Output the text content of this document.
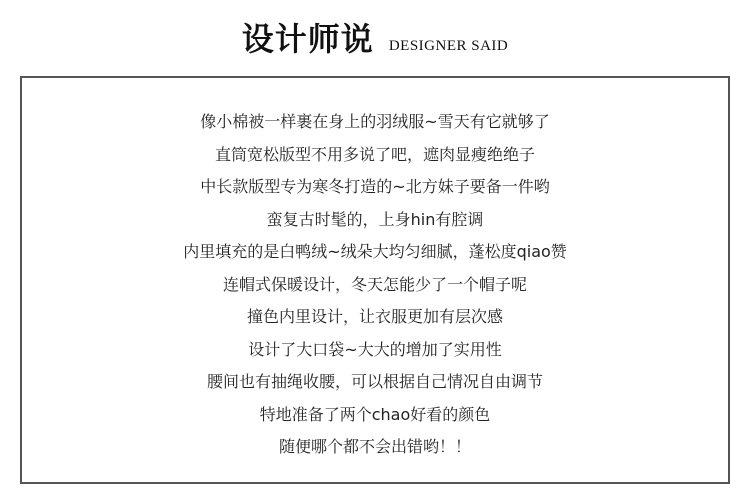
设计师说 DESIGNER SAID
像小棉被一样裹在身上的羽绒服~雪天有它就够了
直筒宽松版型不用多说了吧，遮肉显瘦绝绝子
中长款版型专为寒冬打造的~北方妹子要备一件哟
蛮复古时髦的，上身hin有腔调
内里填充的是白鸭绒~绒朵大均匀细腻，蓬松度qiao赞
连帽式保暖设计，冬天怎能少了一个帽子呢
撞色内里设计，让衣服更加有层次感
设计了大口袋~大大的增加了实用性
腰间也有抽绳收腰，可以根据自己情况自由调节
特地准备了两个chao好看的颜色
随便哪个都不会出错哟！！
